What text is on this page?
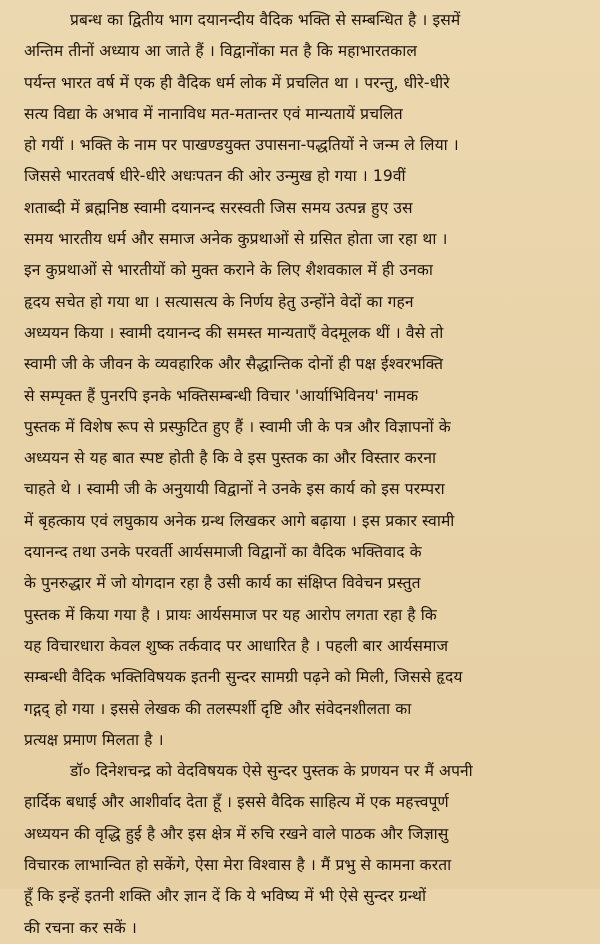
प्रबन्ध का द्वितीय भाग दयानन्दीय वैदिक भक्ति से सम्बन्धित है । इसमें
अन्तिम तीनों अध्याय आ जाते हैं । विद्वानोंका मत है कि महाभारतकाल
पर्यन्त भारत वर्ष में एक ही वैदिक धर्म लोक में प्रचलित था । परन्तु, धीरे-धीरे
सत्य विद्या के अभाव में नानाविध मत-मतान्तर एवं मान्यतायें प्रचलित
हो गयीं । भक्ति के नाम पर पाखण्डयुक्त उपासना-पद्धतियों ने जन्म ले लिया ।
जिससे भारतवर्ष धीरे-धीरे अधःपतन की ओर उन्मुख हो गया । 19वीं
शताब्दी में ब्रह्मनिष्ठ स्वामी दयानन्द सरस्वती जिस समय उत्पन्न हुए उस
समय भारतीय धर्म और समाज अनेक कुप्रथाओं से ग्रसित होता जा रहा था ।
इन कुप्रथाओं से भारतीयों को मुक्त कराने के लिए शैशवकाल में ही उनका
हृदय सचेत हो गया था । सत्यासत्य के निर्णय हेतु उन्होंने वेदों का गहन
अध्ययन किया । स्वामी दयानन्द की समस्त मान्यताएँ वेदमूलक थीं । वैसे तो
स्वामी जी के जीवन के व्यवहारिक और सैद्धान्तिक दोनों ही पक्ष ईश्वरभक्ति
से सम्पृक्त हैं पुनरपि इनके भक्तिसम्बन्धी विचार 'आर्याभिविनय' नामक
पुस्तक में विशेष रूप से प्रस्फुटित हुए हैं । स्वामी जी के पत्र और विज्ञापनों के
अध्ययन से यह बात स्पष्ट होती है कि वे इस पुस्तक का और विस्तार करना
चाहते थे । स्वामी जी के अनुयायी विद्वानों ने उनके इस कार्य को इस परम्परा
में बृहत्काय एवं लघुकाय अनेक ग्रन्थ लिखकर आगे बढ़ाया । इस प्रकार स्वामी
दयानन्द तथा उनके परवर्ती आर्यसमाजी विद्वानों का वैदिक भक्तिवाद के
के पुनरुद्धार में जो योगदान रहा है उसी कार्य का संक्षिप्त विवेचन प्रस्तुत
पुस्तक में किया गया है । प्रायः आर्यसमाज पर यह आरोप लगता रहा है कि
यह विचारधारा केवल शुष्क तर्कवाद पर आधारित है । पहली बार आर्यसमाज
सम्बन्धी वैदिक भक्तिविषयक इतनी सुन्दर सामग्री पढ़ने को मिली, जिससे हृदय
गद्गद् हो गया । इससे लेखक की तलस्पर्शी दृष्टि और संवेदनशीलता का
प्रत्यक्ष प्रमाण मिलता है ।
डॉ० दिनेशचन्द्र को वेदविषयक ऐसे सुन्दर पुस्तक के प्रणयन पर मैं अपनी
हार्दिक बधाई और आशीर्वाद देता हूँ । इससे वैदिक साहित्य में एक महत्त्वपूर्ण
अध्ययन की वृद्धि हुई है और इस क्षेत्र में रुचि रखने वाले पाठक और जिज्ञासु
विचारक लाभान्वित हो सकेंगे, ऐसा मेरा विश्वास है । मैं प्रभु से कामना करता
हूँ कि इन्हें इतनी शक्ति और ज्ञान दें कि ये भविष्य में भी ऐसे सुन्दर ग्रन्थों
की रचना कर सकें ।
